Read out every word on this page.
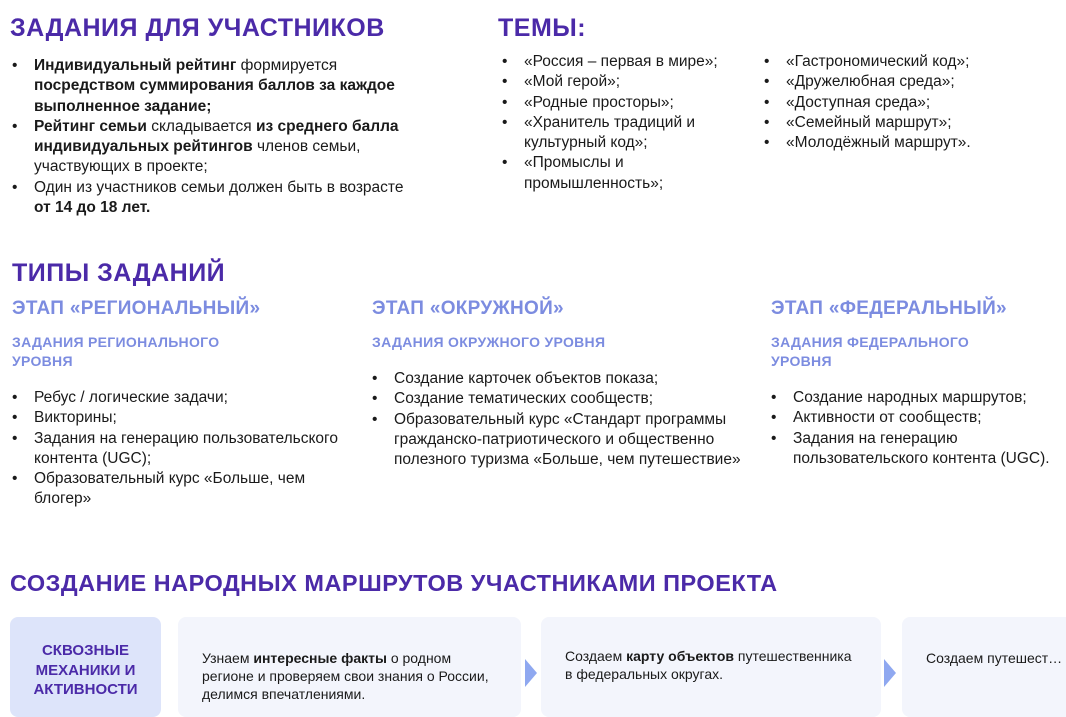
ЗАДАНИЯ ДЛЯ УЧАСТНИКОВ
• Индивидуальный рейтинг формируется посредством суммирования баллов за каждое выполненное задание;
• Рейтинг семьи складывается из среднего балла индивидуальных рейтингов членов семьи, участвующих в проекте;
• Один из участников семьи должен быть в возрасте от 14 до 18 лет.
ТЕМЫ:
• «Россия – первая в мире»;
• «Мой герой»;
• «Родные просторы»;
• «Хранитель традиций и культурный код»;
• «Промыслы и промышленность»;
• «Гастрономический код»;
• «Дружелюбная среда»;
• «Доступная среда»;
• «Семейный маршрут»;
• «Молодёжный маршрут».
ТИПЫ ЗАДАНИЙ
ЭТАП «РЕГИОНАЛЬНЫЙ»
ЗАДАНИЯ РЕГИОНАЛЬНОГО УРОВНЯ
• Ребус / логические задачи;
• Викторины;
• Задания на генерацию пользовательского контента (UGC);
• Образовательный курс «Больше, чем блогер»
ЭТАП «ОКРУЖНОЙ»
ЗАДАНИЯ ОКРУЖНОГО УРОВНЯ
• Создание карточек объектов показа;
• Создание тематических сообществ;
• Образовательный курс «Стандарт программы гражданско-патриотического и общественно полезного туризма «Больше, чем путешествие»
ЭТАП «ФЕДЕРАЛЬНЫЙ»
ЗАДАНИЯ ФЕДЕРАЛЬНОГО УРОВНЯ
• Создание народных маршрутов;
• Активности от сообществ;
• Задания на генерацию пользовательского контента (UGC).
СОЗДАНИЕ НАРОДНЫХ МАРШРУТОВ УЧАСТНИКАМИ ПРОЕКТА
СКВОЗНЫЕ МЕХАНИКИ И АКТИВНОСТИ
Узнаем интересные факты о родном регионе и проверяем свои знания о России, делимся впечатлениями.
Создаем карту объектов путешественника в федеральных округах.
Создаем путешест…
